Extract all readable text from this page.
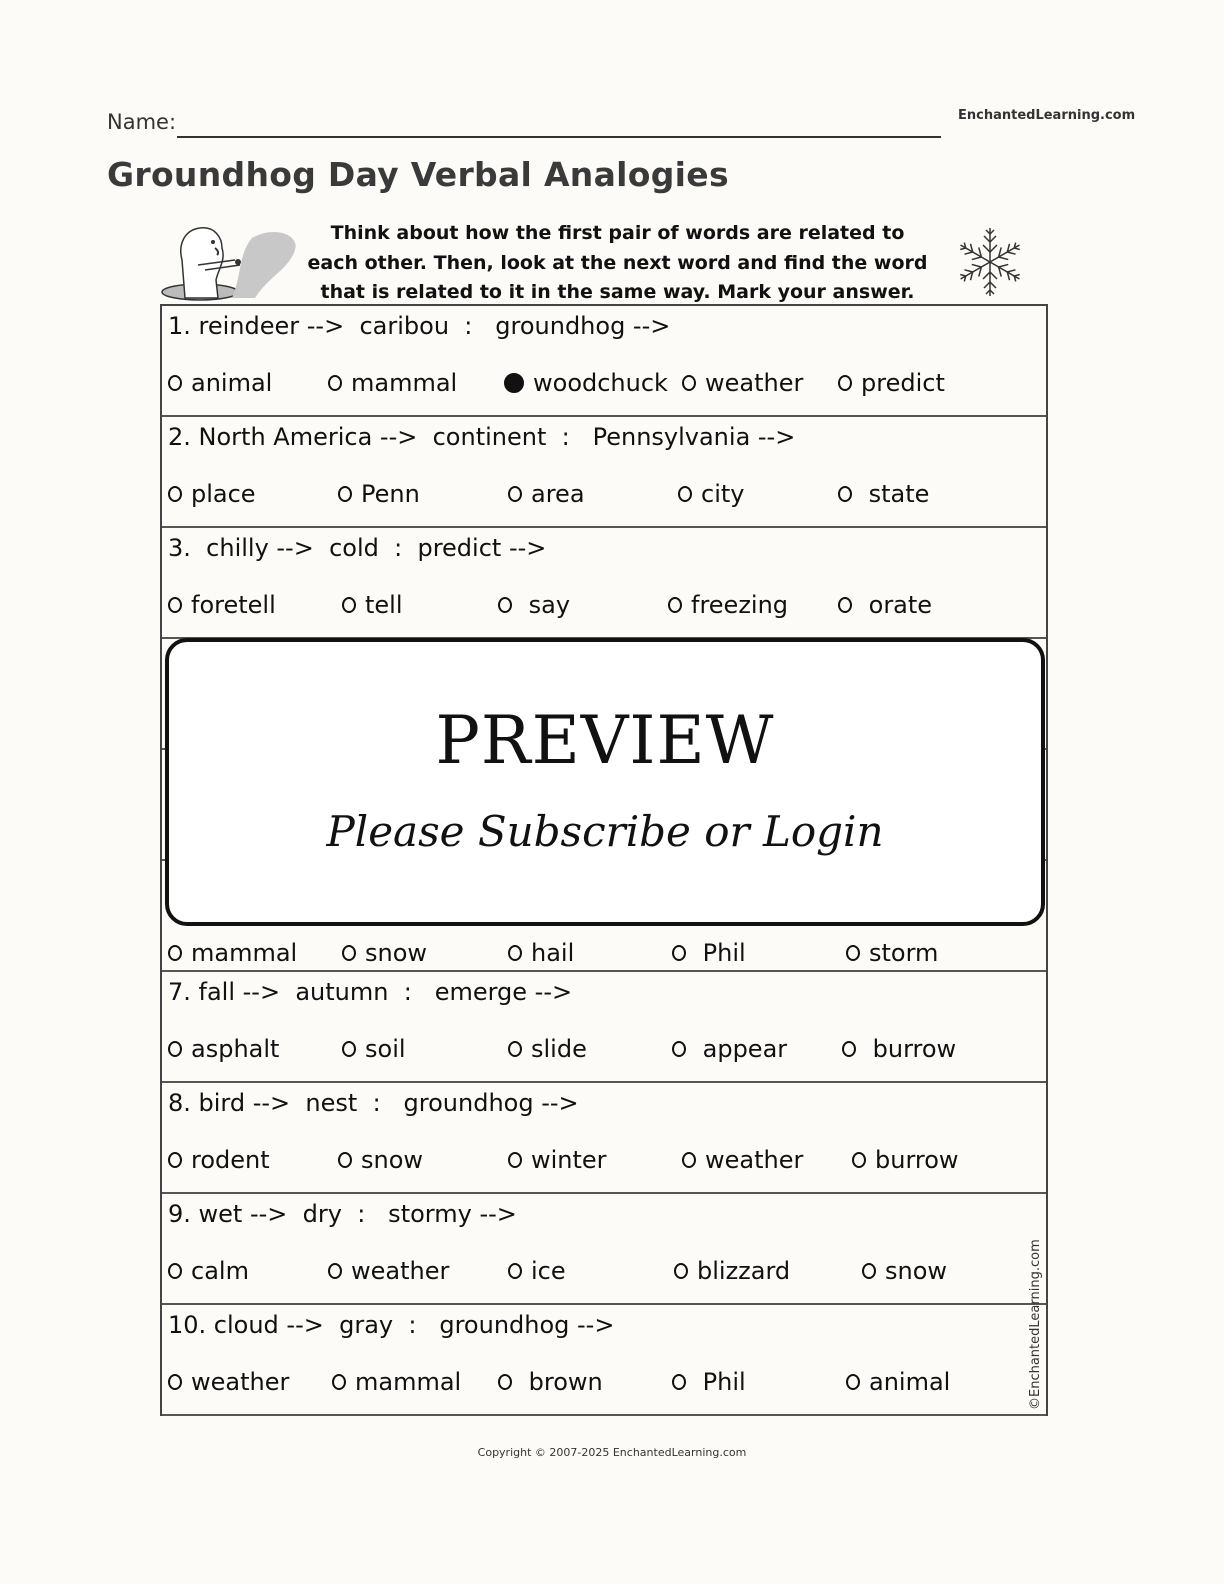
Name:	EnchantedLearning.com
Groundhog Day Verbal Analogies
Think about how the first pair of words are related to
each other. Then, look at the next word and find the word
that is related to it in the same way. Mark your answer.
1. reindeer -->  caribou  :   groundhog -->
animal	mammal	woodchuck weather predict
2. North America -->  continent  :   Pennsylvania -->
place	Penn	area	city	state
3.  chilly -->  cold  :  predict -->
foretell	tell	say	freezing	orate
mammal	snow	hail	Phil	storm
7. fall -->  autumn  :   emerge -->
asphalt	soil	slide	appear	burrow
8. bird -->  nest  :   groundhog -->
rodent	snow	winter	weather	burrow
9. wet -->  dry  :   stormy -->
calm	weather	ice	blizzard	snow
10. cloud -->  gray  :   groundhog -->
weather	mammal brown	Phil	animal
PREVIEW
Please Subscribe or Login
©EnchantedLearning.com
Copyright © 2007-2025 EnchantedLearning.com
